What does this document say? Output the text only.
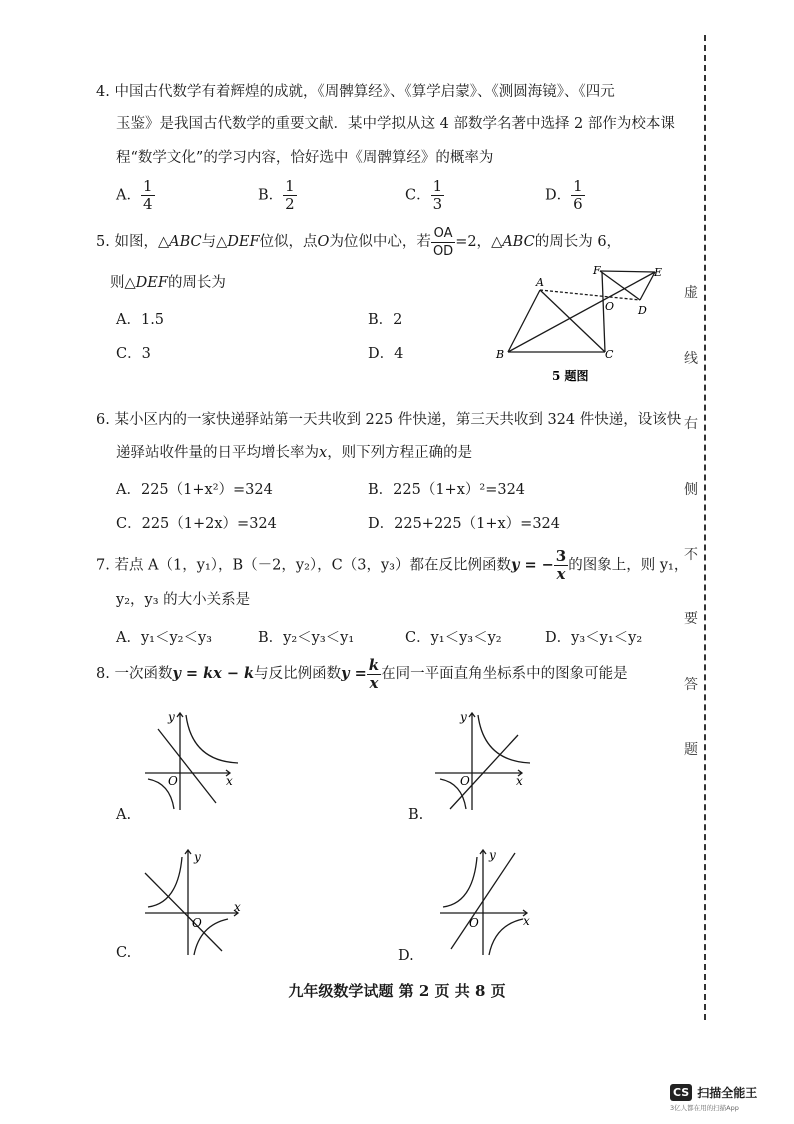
4. 中国古代数学有着辉煌的成就，《周髀算经》、《算学启蒙》、《测圆海镜》、《四元
玉鉴》是我国古代数学的重要文献．某中学拟从这 4 部数学名著中选择 2 部作为校本课
程“数学文化”的学习内容，恰好选中《周髀算经》的概率为
A． $\frac{1}{4}$	B． $\frac{1}{2}$	C． $\frac{1}{3}$	D． $\frac{1}{6}$
5. 如图，△ABC与△DEF位似，点O为位似中心，若 $\frac{OA}{OD} =2$，△ABC的周长为 6，
则△DEF的周长为
A．1.5	B．2
C．3	D．4
A
B	C
D
E
F
O
5 题图
6. 某小区内的一家快递驿站第一天共收到 225 件快递，第三天共收到 324 件快递，设该快
递驿站收件量的日平均增长率为x，则下列方程正确的是
A．225（1+x²）=324	B．225（1+x）²=324
C．225（1+2x）=324	D．225+225（1+x）=324
7. 若点 A（1，y₁），B（－2，y₂），C（3，y₃）都在反比例函数y = − $\frac{3}{x}$ 的图象上，则 y₁，
y₂，y₃ 的大小关系是
A．y₁＜y₂＜y₃	B．y₂＜y₃＜y₁	C．y₁＜y₃＜y₂	D．y₃＜y₁＜y₂
8. 一次函数y = kx − k与反比例函数$y = \frac{k}{x}$ 在同一平面直角坐标系中的图象可能是
y
x
O
A.
y
x
O
B.
y
x
O
C.
y
x
O
D.
虚
线
右
侧
不
要
答
题
九年级数学试题 第 2 页 共 8 页
CS 扫描全能王
3亿人都在用的扫描App
